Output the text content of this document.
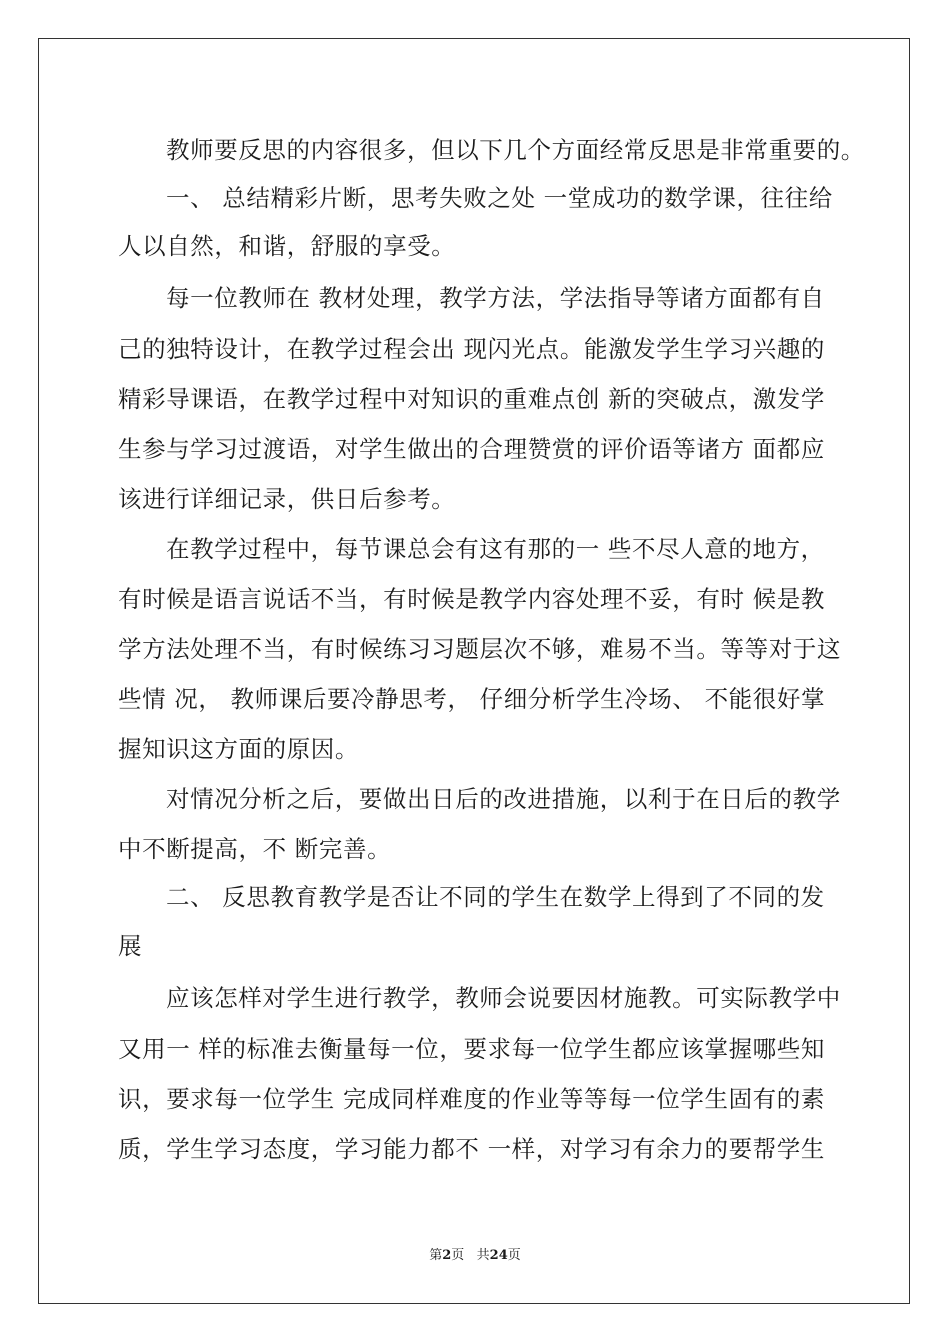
教师要反思的内容很多，但以下几个方面经常反思是非常重要的。
一、 总结精彩片断，思考失败之处 一堂成功的数学课，往往给
人以自然，和谐，舒服的享受。
每一位教师在 教材处理，教学方法，学法指导等诸方面都有自
己的独特设计，在教学过程会出 现闪光点。能激发学生学习兴趣的
精彩导课语，在教学过程中对知识的重难点创 新的突破点，激发学
生参与学习过渡语，对学生做出的合理赞赏的评价语等诸方 面都应
该进行详细记录，供日后参考。
在教学过程中，每节课总会有这有那的一 些不尽人意的地方，
有时候是语言说话不当，有时候是教学内容处理不妥，有时 候是教
学方法处理不当，有时候练习习题层次不够，难易不当。等等对于这
些情 况， 教师课后要冷静思考， 仔细分析学生冷场、 不能很好掌
握知识这方面的原因。
对情况分析之后，要做出日后的改进措施，以利于在日后的教学
中不断提高，不 断完善。
二、 反思教育教学是否让不同的学生在数学上得到了不同的发
展
应该怎样对学生进行教学，教师会说要因材施教。可实际教学中
又用一 样的标准去衡量每一位，要求每一位学生都应该掌握哪些知
识，要求每一位学生 完成同样难度的作业等等每一位学生固有的素
质，学生学习态度，学习能力都不 一样，对学习有余力的要帮学生
第2页   共24页
